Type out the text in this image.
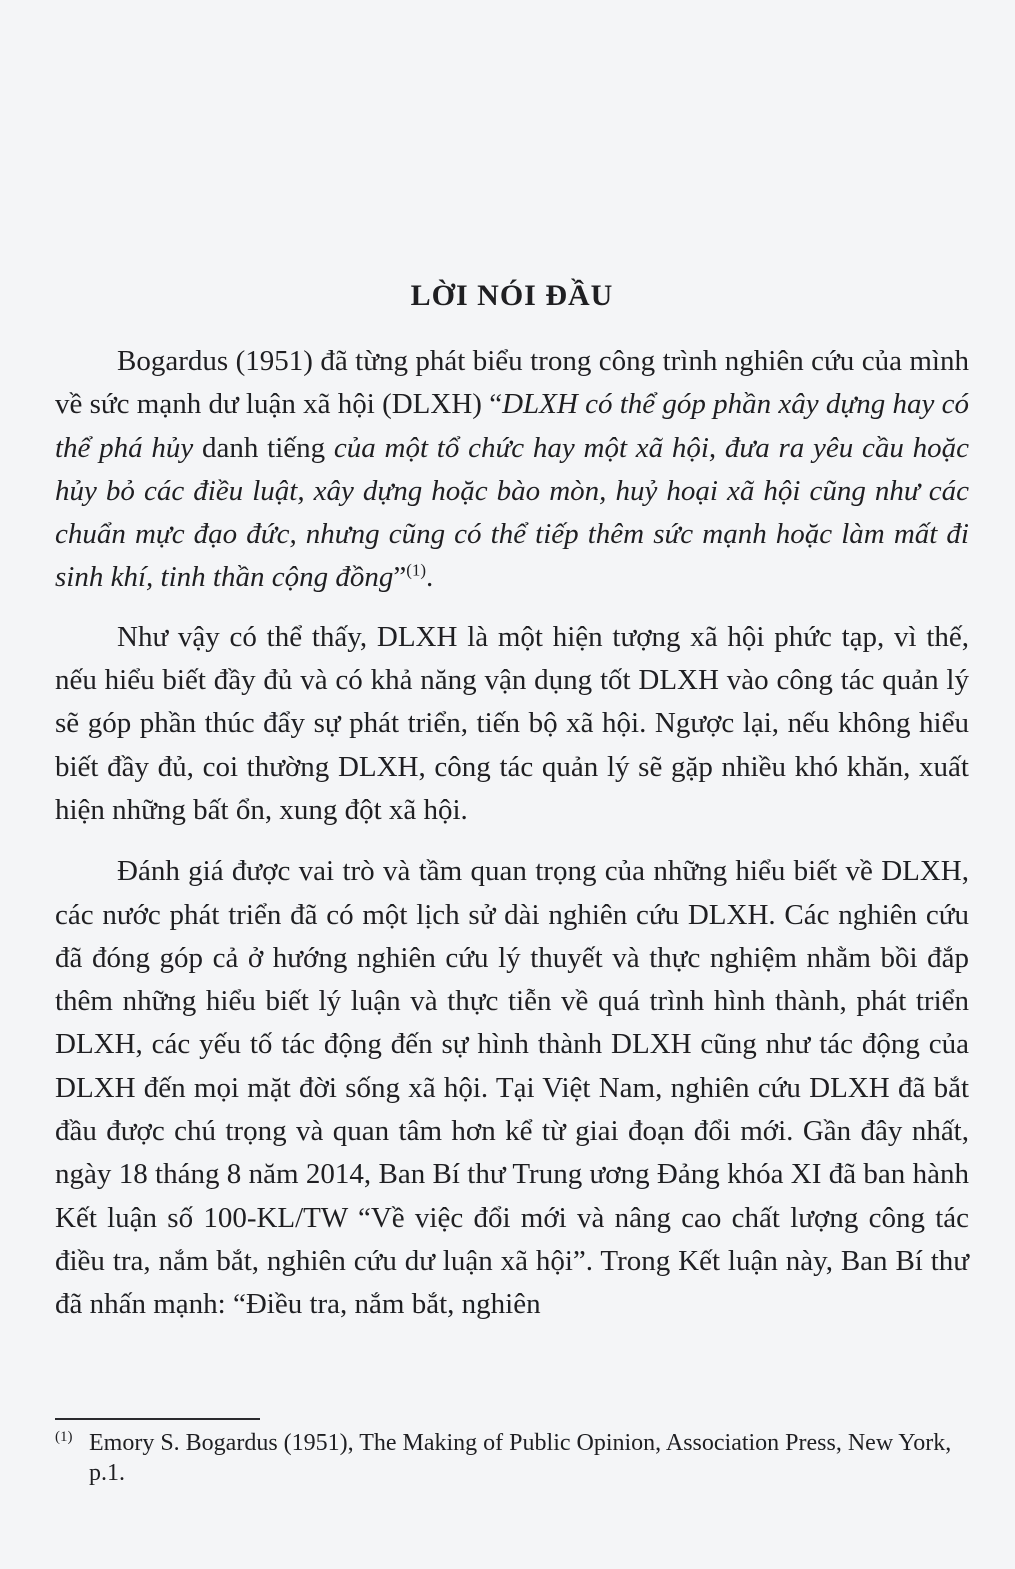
LỜI NÓI ĐẦU

Bogardus (1951) đã từng phát biểu trong công trình nghiên cứu của mình về sức mạnh dư luận xã hội (DLXH) “DLXH có thể góp phần xây dựng hay có thể phá hủy danh tiếng của một tổ chức hay một xã hội, đưa ra yêu cầu hoặc hủy bỏ các điều luật, xây dựng hoặc bào mòn, huỷ hoại xã hội cũng như các chuẩn mực đạo đức, nhưng cũng có thể tiếp thêm sức mạnh hoặc làm mất đi sinh khí, tinh thần cộng đồng”$^{(1)}$.

Như vậy có thể thấy, DLXH là một hiện tượng xã hội phức tạp, vì thế, nếu hiểu biết đầy đủ và có khả năng vận dụng tốt DLXH vào công tác quản lý sẽ góp phần thúc đẩy sự phát triển, tiến bộ xã hội. Ngược lại, nếu không hiểu biết đầy đủ, coi thường DLXH, công tác quản lý sẽ gặp nhiều khó khăn, xuất hiện những bất ổn, xung đột xã hội.

Đánh giá được vai trò và tầm quan trọng của những hiểu biết về DLXH, các nước phát triển đã có một lịch sử dài nghiên cứu DLXH. Các nghiên cứu đã đóng góp cả ở hướng nghiên cứu lý thuyết và thực nghiệm nhằm bồi đắp thêm những hiểu biết lý luận và thực tiễn về quá trình hình thành, phát triển DLXH, các yếu tố tác động đến sự hình thành DLXH cũng như tác động của DLXH đến mọi mặt đời sống xã hội. Tại Việt Nam, nghiên cứu DLXH đã bắt đầu được chú trọng và quan tâm hơn kể từ giai đoạn đổi mới. Gần đây nhất, ngày 18 tháng 8 năm 2014, Ban Bí thư Trung ương Đảng khóa XI đã ban hành Kết luận số 100-KL/TW “Về việc đổi mới và nâng cao chất lượng công tác điều tra, nắm bắt, nghiên cứu dư luận xã hội”. Trong Kết luận này, Ban Bí thư đã nhấn mạnh: “Điều tra, nắm bắt, nghiên

(1) Emory S. Bogardus (1951), The Making of Public Opinion, Association Press, New York, p.1.
